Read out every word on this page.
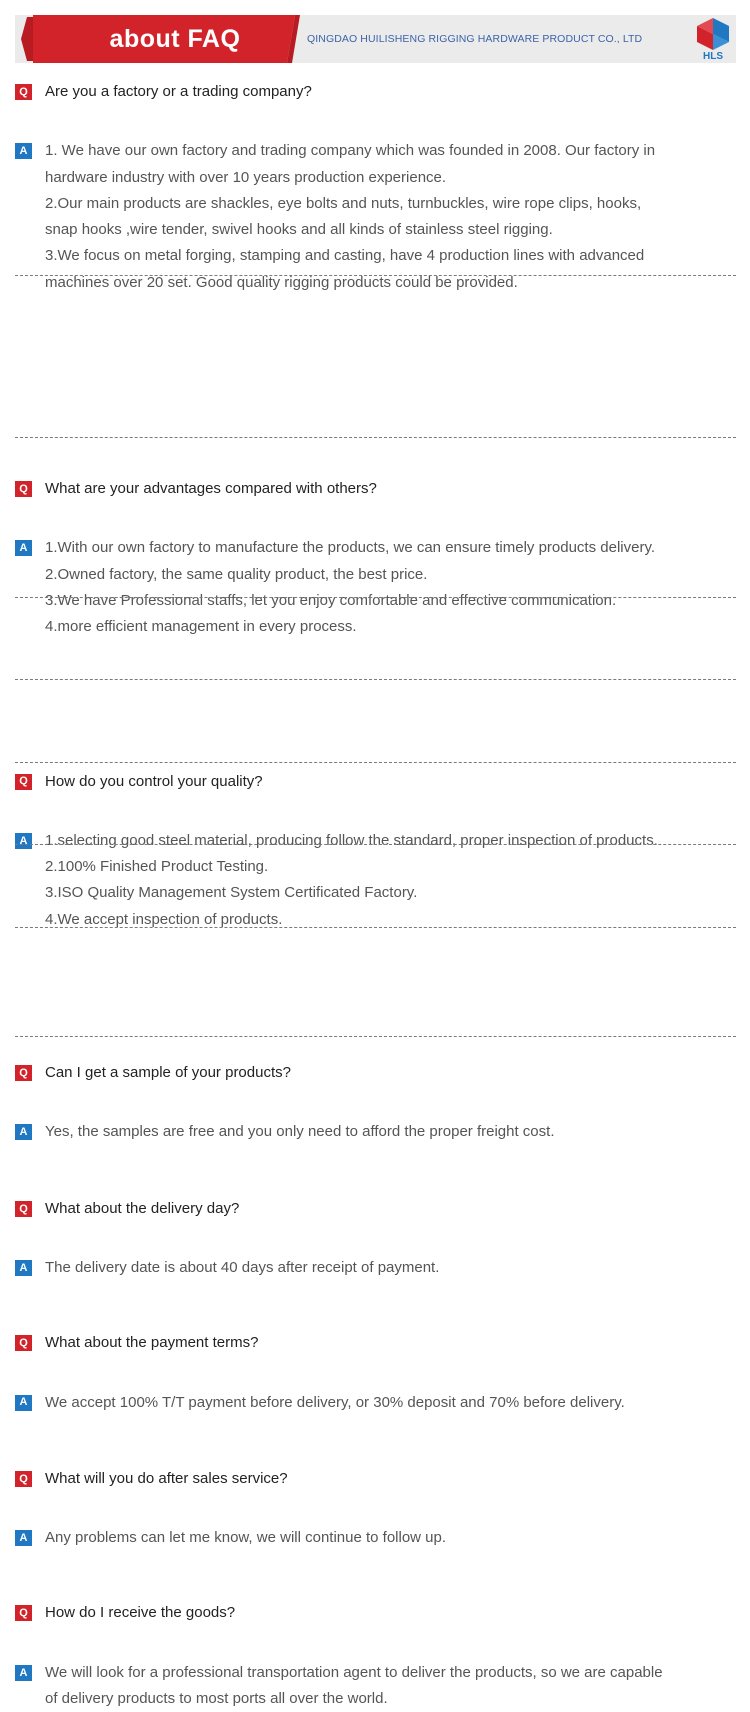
about FAQ	QINGDAO HUILISHENG RIGGING HARDWARE PRODUCT CO., LTD
HLS
Q Are you a factory or a trading company?
A	1. We have our own factory and trading company which was founded in 2008. Our factory in
hardware industry with over 10 years production experience.
2.Our main products are shackles, eye bolts and nuts, turnbuckles, wire rope clips, hooks,
snap hooks ,wire tender, swivel hooks and all kinds of stainless steel rigging.
3.We focus on metal forging, stamping and casting, have 4 production lines with advanced
machines over 20 set. Good quality rigging products could be provided.
Q What are your advantages compared with others?
A	1.With our own factory to manufacture the products, we can ensure timely products delivery.
2.Owned factory, the same quality product, the best price.
3.We have Professional staffs, let you enjoy comfortable and effective communication.
4.more efficient management in every process.
Q How do you control your quality?
A	1.selecting good steel material, producing follow the standard, proper inspection of products.
2.100% Finished Product Testing.
3.ISO Quality Management System Certificated Factory.
4.We accept inspection of products.
Q Can I get a sample of your products?
A	Yes, the samples are free and you only need to afford the proper freight cost.
Q What about the delivery day?
A	The delivery date is about 40 days after receipt of payment.
Q What about the payment terms?
A	We accept 100% T/T payment before delivery, or 30% deposit and 70% before delivery.
Q What will you do after sales service?
A	Any problems can let me know, we will continue to follow up.
Q How do I receive the goods?
A	We will look for a professional transportation agent to deliver the products, so we are capable
of delivery products to most ports all over the world.
